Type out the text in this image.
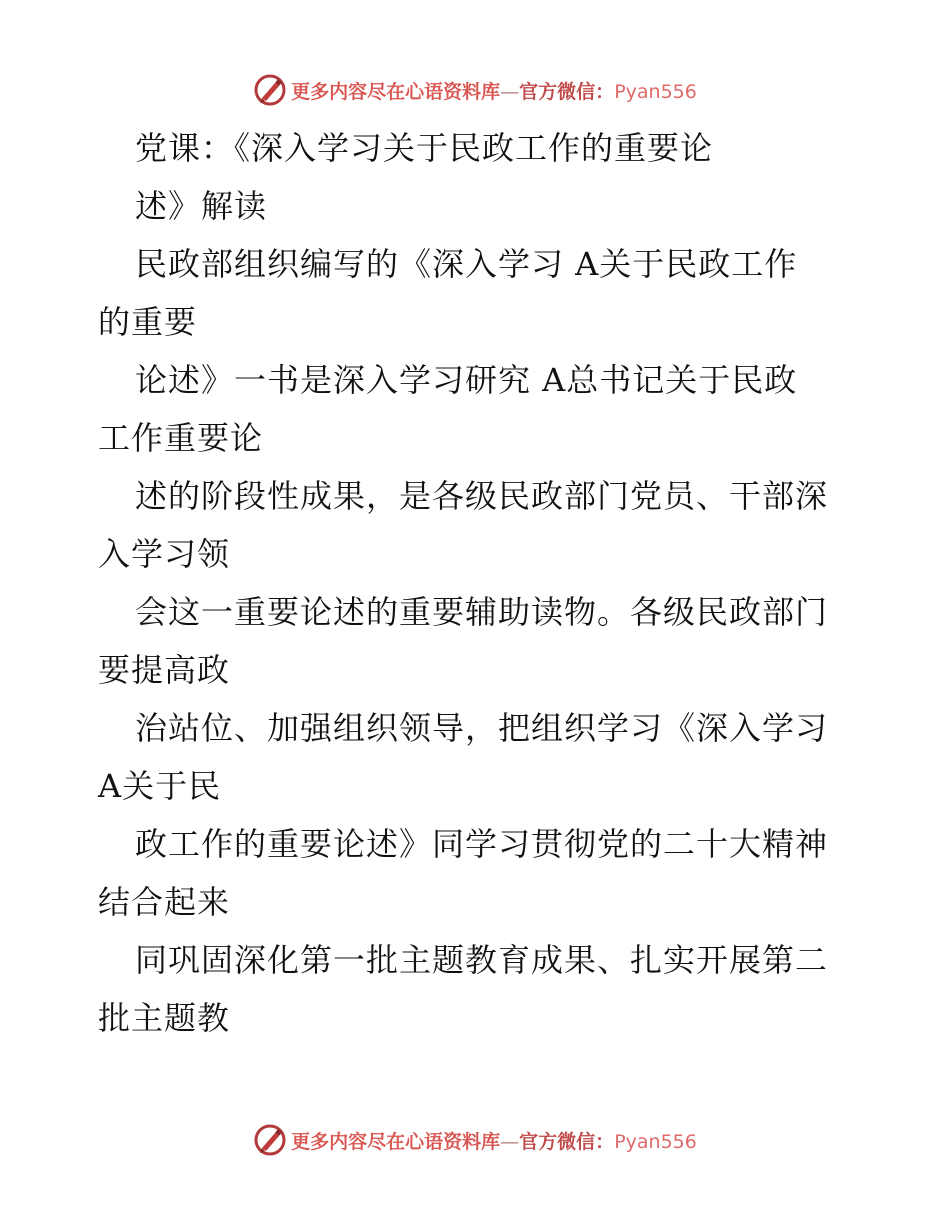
更多内容尽在心语资料库—官方微信：Pyan556
党课：《深入学习关于民政工作的重要论
述》解读
民政部组织编写的《深入学习 A关于民政工作
的重要
论述》一书是深入学习研究 A总书记关于民政
工作重要论
述的阶段性成果，是各级民政部门党员、干部深
入学习领
会这一重要论述的重要辅助读物。各级民政部门
要提高政
治站位、加强组织领导，把组织学习《深入学习
A关于民
政工作的重要论述》同学习贯彻党的二十大精神
结合起来
同巩固深化第一批主题教育成果、扎实开展第二
批主题教
更多内容尽在心语资料库—官方微信：Pyan556
